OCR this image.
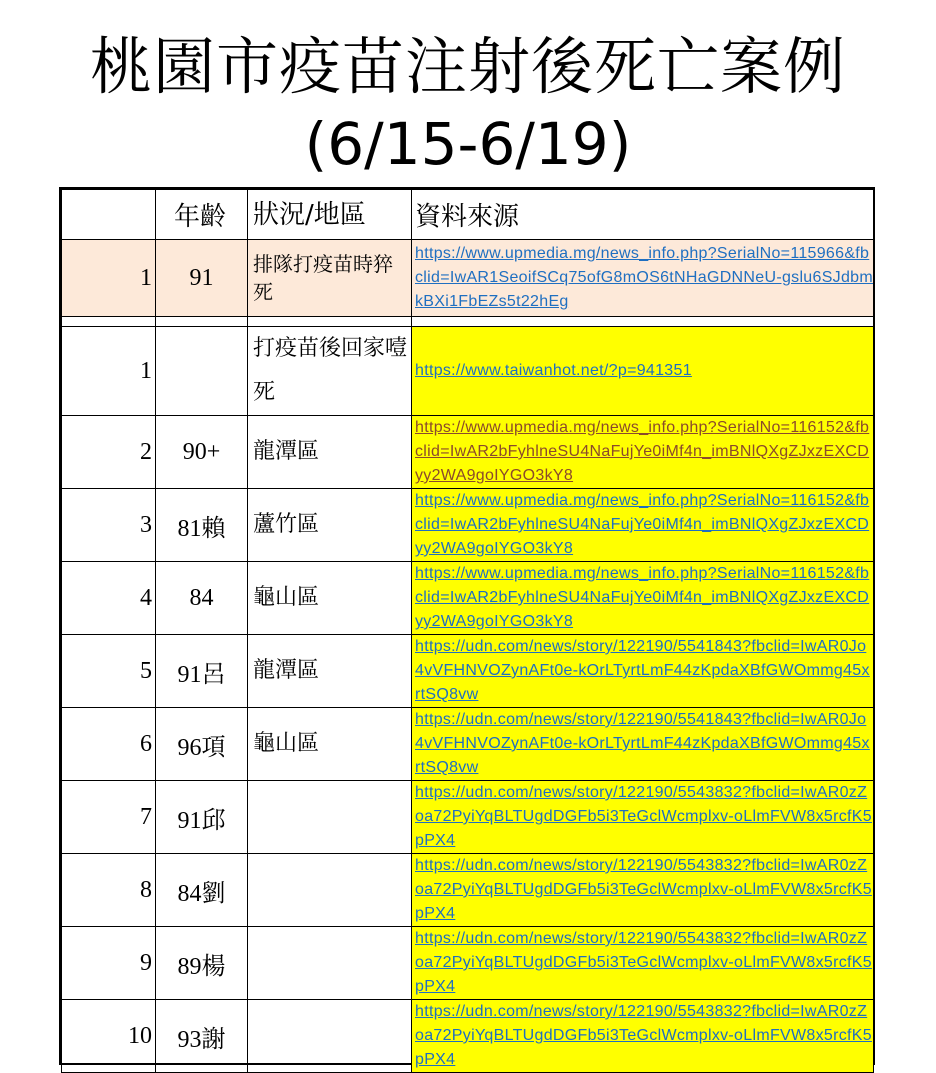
桃園市疫苗注射後死亡案例
(6/15-6/19)
	年齡	狀況/地區	資料來源
1	91	排隊打疫苗時猝死	https://www.upmedia.mg/news_info.php?SerialNo=115966&fbclid=IwAR1SeoifSCq75ofG8mOS6tNHaGDNNeU-gslu6SJdbmkBXi1FbEZs5t22hEg

1		打疫苗後回家噎死	https://www.taiwanhot.net/?p=941351

2	90+	龍潭區	https://www.upmedia.mg/news_info.php?SerialNo=116152&fbclid=IwAR2bFyhlneSU4NaFujYe0iMf4n_imBNlQXgZJxzEXCDyy2WA9goIYGO3kY8

3	81賴	蘆竹區	https://www.upmedia.mg/news_info.php?SerialNo=116152&fbclid=IwAR2bFyhlneSU4NaFujYe0iMf4n_imBNlQXgZJxzEXCDyy2WA9goIYGO3kY8

4	84	龜山區	https://www.upmedia.mg/news_info.php?SerialNo=116152&fbclid=IwAR2bFyhlneSU4NaFujYe0iMf4n_imBNlQXgZJxzEXCDyy2WA9goIYGO3kY8

5	91呂	龍潭區	https://udn.com/news/story/122190/5541843?fbclid=IwAR0Jo4vVFHNVOZynAFt0e-kOrLTyrtLmF44zKpdaXBfGWOmmg45xrtSQ8vw

6	96項	龜山區	https://udn.com/news/story/122190/5541843?fbclid=IwAR0Jo4vVFHNVOZynAFt0e-kOrLTyrtLmF44zKpdaXBfGWOmmg45xrtSQ8vw

7	91邱		https://udn.com/news/story/122190/5543832?fbclid=IwAR0zZoa72PyiYqBLTUgdDGFb5i3TeGclWcmplxv-oLlmFVW8x5rcfK5pPX4

8	84劉		https://udn.com/news/story/122190/5543832?fbclid=IwAR0zZoa72PyiYqBLTUgdDGFb5i3TeGclWcmplxv-oLlmFVW8x5rcfK5pPX4

9	89楊		https://udn.com/news/story/122190/5543832?fbclid=IwAR0zZoa72PyiYqBLTUgdDGFb5i3TeGclWcmplxv-oLlmFVW8x5rcfK5pPX4

10	93謝		https://udn.com/news/story/122190/5543832?fbclid=IwAR0zZoa72PyiYqBLTUgdDGFb5i3TeGclWcmplxv-oLlmFVW8x5rcfK5pPX4
